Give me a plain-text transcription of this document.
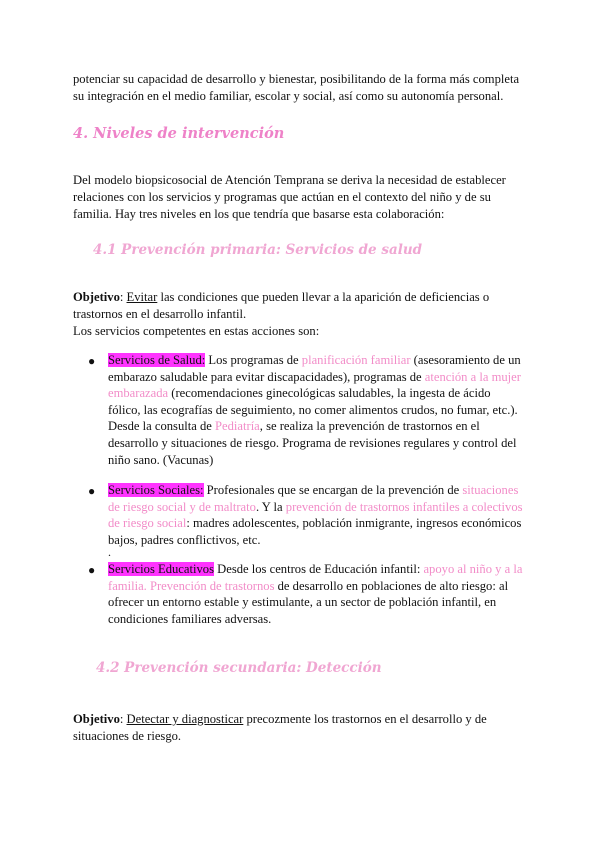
potenciar su capacidad de desarrollo y bienestar, posibilitando de la forma más completa su integración en el medio familiar, escolar y social, así como su autonomía personal.

4. Niveles de intervención

Del modelo biopsicosocial de Atención Temprana se deriva la necesidad de establecer relaciones con los servicios y programas que actúan en el contexto del niño y de su familia. Hay tres niveles en los que tendría que basarse esta colaboración:

4.1 Prevención primaria: Servicios de salud

Objetivo: Evitar las condiciones que pueden llevar a la aparición de deficiencias o trastornos en el desarrollo infantil.
Los servicios competentes en estas acciones son:

● Servicios de Salud: Los programas de planificación familiar (asesoramiento de un embarazo saludable para evitar discapacidades), programas de atención a la mujer embarazada (recomendaciones ginecológicas saludables, la ingesta de ácido fólico, las ecografías de seguimiento, no comer alimentos crudos, no fumar, etc.). Desde la consulta de Pediatría, se realiza la prevención de trastornos en el desarrollo y situaciones de riesgo. Programa de revisiones regulares y control del niño sano. (Vacunas)

● Servicios Sociales: Profesionales que se encargan de la prevención de situaciones de riesgo social y de maltrato. Y la prevención de trastornos infantiles a colectivos de riesgo social: madres adolescentes, población inmigrante, ingresos económicos bajos, padres conflictivos, etc.

.
● Servicios Educativos Desde los centros de Educación infantil: apoyo al niño y a la familia. Prevención de trastornos de desarrollo en poblaciones de alto riesgo: al ofrecer un entorno estable y estimulante, a un sector de población infantil, en condiciones familiares adversas.

4.2 Prevención secundaria: Detección

Objetivo: Detectar y diagnosticar precozmente los trastornos en el desarrollo y de situaciones de riesgo.
